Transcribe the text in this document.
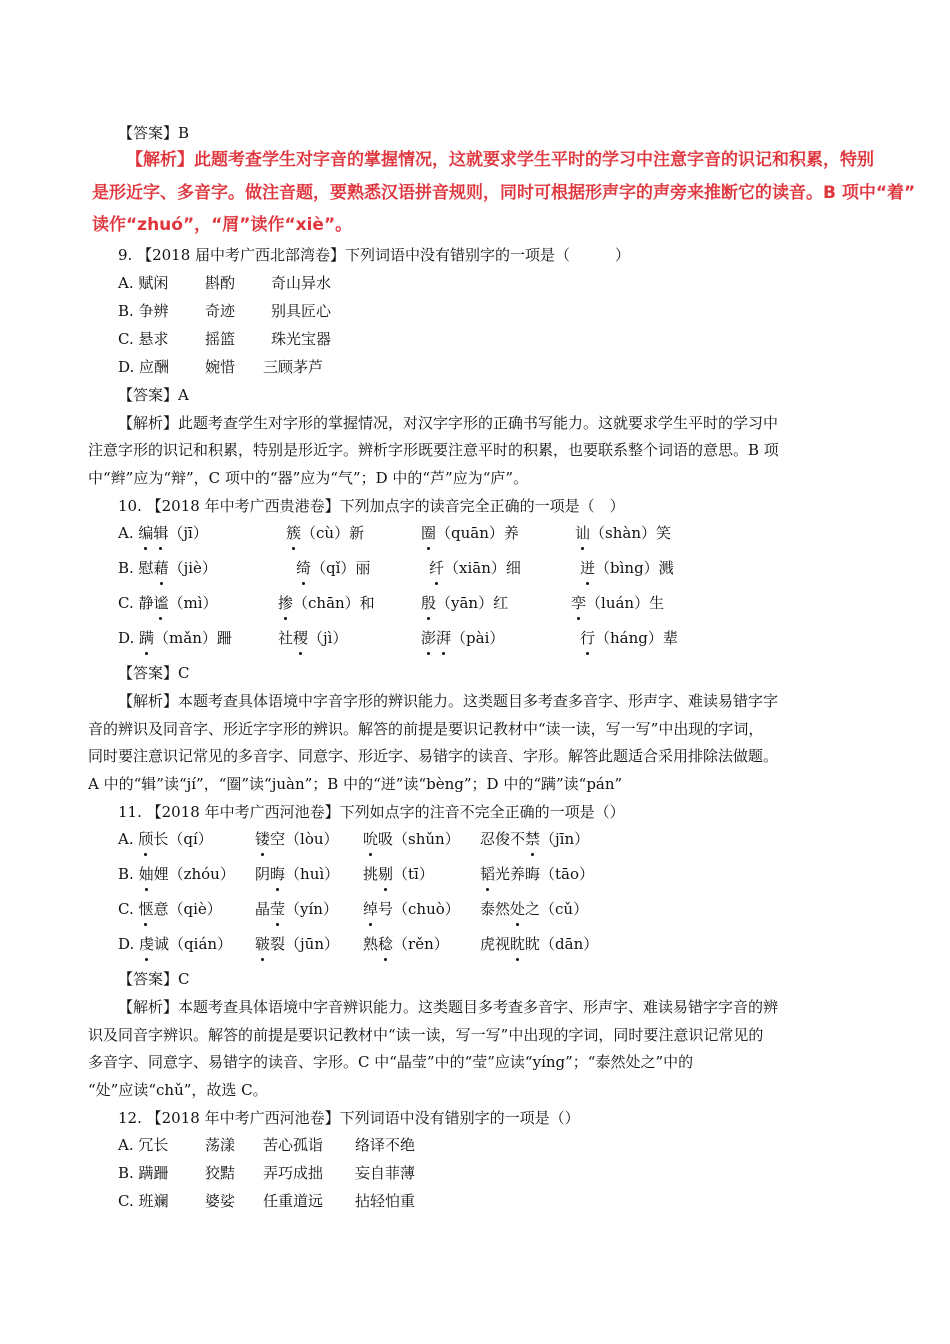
【答案】B
【解析】此题考查学生对字音的掌握情况，这就要求学生平时的学习中注意字音的识记和积累，特别
是形近字、多音字。做注音题，要熟悉汉语拼音规则，同时可根据形声字的声旁来推断它的读音。B 项中“着”
读作“zhuó”，“屑”读作“xiè”。
9. 【2018 届中考广西北部湾卷】下列词语中没有错别字的一项是（　　　）
A. 赋闲 斟酌 奇山异水
B. 争辨 奇迹 别具匠心
C. 悬求 摇篮 珠光宝器
D. 应酬 婉惜 三顾茅芦
【答案】A
【解析】此题考查学生对字形的掌握情况，对汉字字形的正确书写能力。这就要求学生平时的学习中
注意字形的识记和积累，特别是形近字。辨析字形既要注意平时的积累，也要联系整个词语的意思。B 项
中“辫”应为“辩”，C 项中的“器”应为“气”；D 中的“芦”应为“庐”。
10. 【2018 年中考广西贵港卷】下列加点字的读音完全正确的一项是（　）
A. 编辑（jī）	簇（cù）新	圈（quān）养	讪（shàn）笑
B. 慰藉（jiè）	绮（qǐ）丽	纤（xiān）细	迸（bìng）溅
C. 静谧（mì）	掺（chān）和	殷（yān）红	孪（luán）生
D. 蹒（mǎn）跚	社稷（jì）	澎湃（pài）	行（háng）辈
【答案】C
【解析】本题考查具体语境中字音字形的辨识能力。这类题目多考查多音字、形声字、难读易错字字
音的辨识及同音字、形近字字形的辨识。解答的前提是要识记教材中“读一读，写一写”中出现的字词，
同时要注意识记常见的多音字、同意字、形近字、易错字的读音、字形。解答此题适合采用排除法做题。
A 中的“辑”读“jí”，“圈”读“juàn”；B 中的“迸”读“bèng”；D 中的“蹒”读“pán”
11. 【2018 年中考广西河池卷】下列如点字的注音不完全正确的一项是（）
A. 颀长（qí）	镂空（lòu） 吮吸（shǔn） 忍俊不禁（jīn）
B. 妯娌（zhóu） 阴晦（huì） 挑剔（tī）	韬光养晦（tāo）
C. 惬意（qiè） 晶莹（yín） 绰号（chuò） 泰然处之（cǔ）
D. 虔诚（qián） 皲裂（jūn） 熟稔（rěn） 虎视眈眈（dān）
【答案】C
【解析】本题考查具体语境中字音辨识能力。这类题目多考查多音字、形声字、难读易错字字音的辨
识及同音字辨识。解答的前提是要识记教材中“读一读，写一写”中出现的字词，同时要注意识记常见的
多音字、同意字、易错字的读音、字形。C 中“晶莹”中的“莹”应读“yíng”；“泰然处之”中的
“处”应读“chǔ”，故选 C。
12. 【2018 年中考广西河池卷】下列词语中没有错别字的一项是（）
A. 冗长 荡漾 苦心孤诣 络译不绝
B. 蹒跚 狡黠 弄巧成拙 妄自菲薄
C. 班斓 婆娑 任重道远 拈轻怕重
